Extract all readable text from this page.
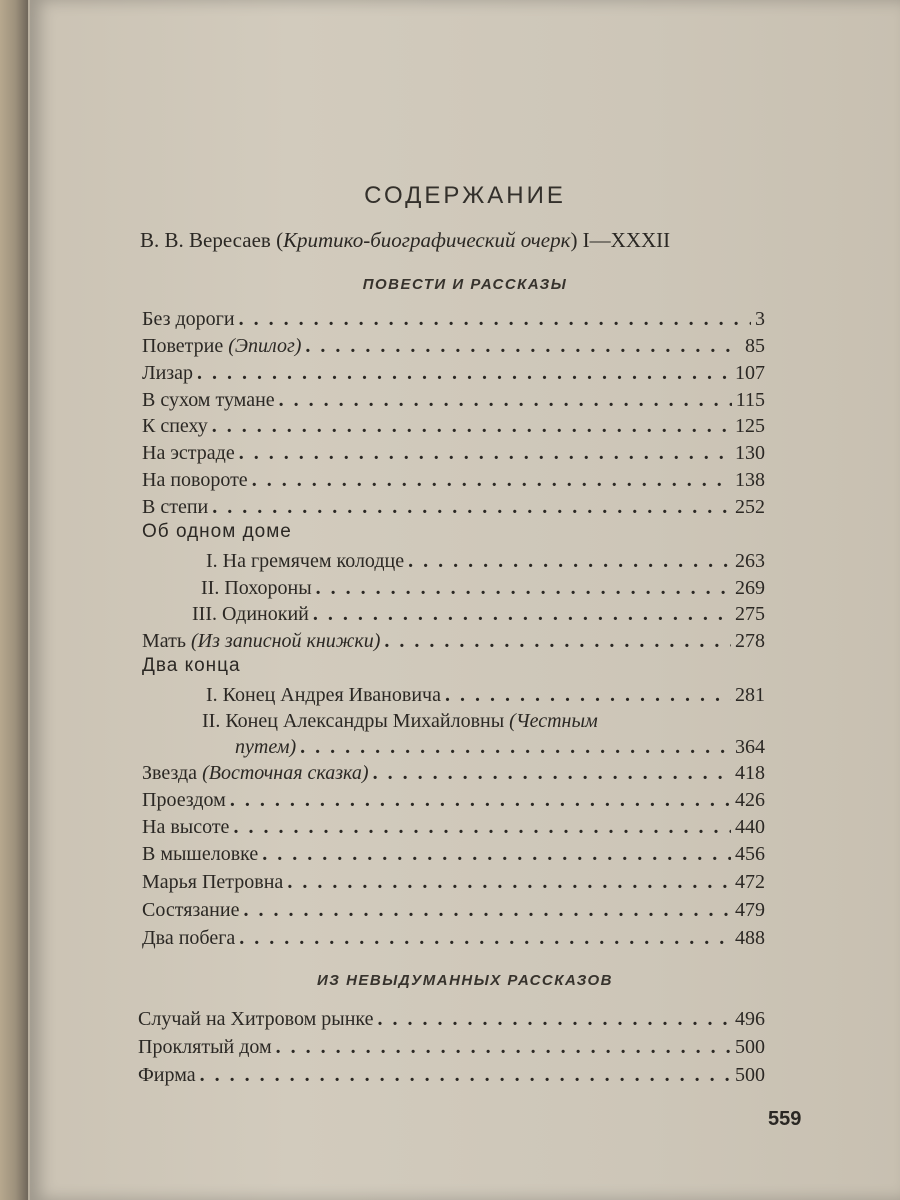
СОДЕРЖАНИЕ
В. В. Вересаев (Критико-биографический очерк) I—XXXII
ПОВЕСТИ И РАССКАЗЫ
Без дороги . .	3
Поветрие (Эпилог) . .	85
Лизар . .	107
В сухом тумане . .	115
К спеху . .	125
На эстраде . .	130
На повороте . .	138
В степи . .	252
Об одном доме
I. На гремячем колодце . .	263
II. Похороны . .	269
III. Одинокий . .	275
Мать (Из записной книжки) . .	278
Два конца
I. Конец Андрея Ивановича . .	281
II. Конец Александры Михайловны (Честным
путем) . .	364
Звезда (Восточная сказка) . .	418
Проездом . .	426
На высоте . .	440
В мышеловке . .	456
Марья Петровна . .	472
Состязание . .	479
Два побега . .	488
ИЗ НЕВЫДУМАННЫХ РАССКАЗОВ
Случай на Хитровом рынке . .	496
Проклятый дом . .	500
Фирма . .	500
559
